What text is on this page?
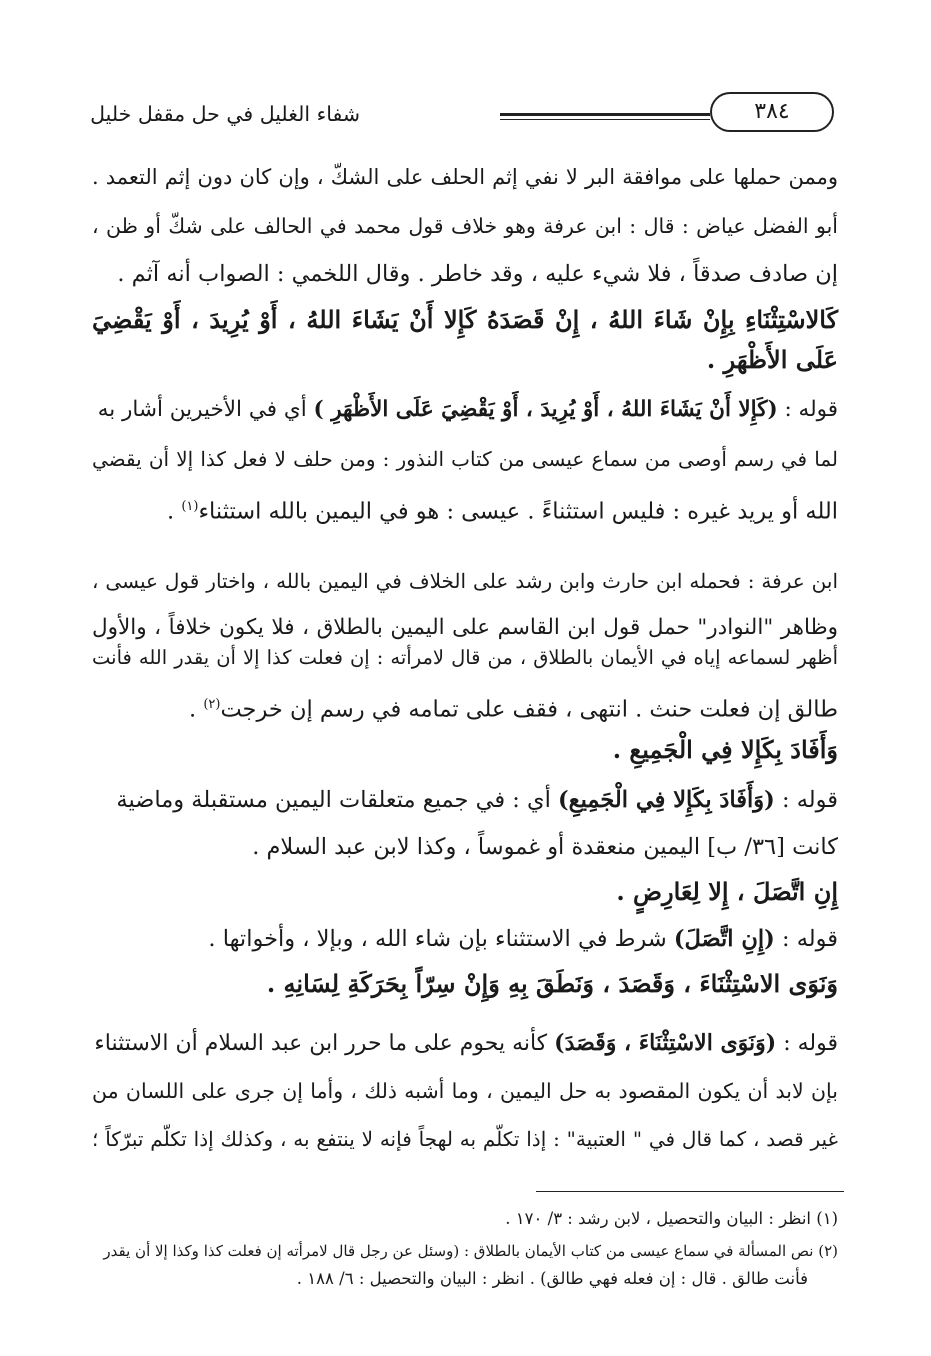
٣٨٤
شفاء الغليل في حل مقفل خليل
وممن حملها على موافقة البر لا نفي إثم الحلف على الشكّ ، وإن كان دون إثم التعمد .
أبو الفضل عياض : قال : ابن عرفة وهو خلاف قول محمد في الحالف على شكّ أو ظن ،
إن صادف صدقاً ، فلا شيء عليه ، وقد خاطر . وقال اللخمي : الصواب أنه آثم .
كَالاسْتِثْنَاءِ بِإِنْ شَاءَ اللهُ ، إِنْ قَصَدَهُ كَإِلا أَنْ يَشَاءَ اللهُ ، أَوْ يُرِيدَ ، أَوْ يَقْضِيَ
عَلَى الأَظْهَرِ .
قوله : (كَإِلا أَنْ يَشَاءَ اللهُ ، أَوْ يُرِيدَ ، أَوْ يَقْضِيَ عَلَى الأَظْهَرِ ) أي في الأخيرين أشار به
لما في رسم أوصى من سماع عيسى من كتاب النذور : ومن حلف لا فعل كذا إلا أن يقضي
الله أو يريد غيره : فليس استثناءً . عيسى : هو في اليمين بالله استثناء$^{(١)}$ .
ابن عرفة : فحمله ابن حارث وابن رشد على الخلاف في اليمين بالله ، واختار قول عيسى ،
وظاهر "النوادر" حمل قول ابن القاسم على اليمين بالطلاق ، فلا يكون خلافاً ، والأول
أظهر لسماعه إياه في الأيمان بالطلاق ، من قال لامرأته : إن فعلت كذا إلا أن يقدر الله فأنت
طالق إن فعلت حنث . انتهى ، فقف على تمامه في رسم إن خرجت$^{(٢)}$ .
وَأَفَادَ بِكَإِلا فِي الْجَمِيعِ .
قوله : (وَأَفَادَ بِكَإِلا فِي الْجَمِيعِ) أي : في جميع متعلقات اليمين مستقبلة وماضية
كانت [٣٦/ ب] اليمين منعقدة أو غموساً ، وكذا لابن عبد السلام .
إِنِ اتَّصَلَ ، إِلا لِعَارِضٍ .
قوله : (إِنِ اتَّصَلَ) شرط في الاستثناء بإن شاء الله ، وبإلا ، وأخواتها .
وَنَوَى الاسْتِثْنَاءَ ، وَقَصَدَ ، وَنَطَقَ بِهِ وَإِنْ سِرّاً بِحَرَكَةِ لِسَانِهِ .
قوله : (وَنَوَى الاسْتِثْنَاءَ ، وَقَصَدَ) كأنه يحوم على ما حرر ابن عبد السلام أن الاستثناء
بإن لابد أن يكون المقصود به حل اليمين ، وما أشبه ذلك ، وأما إن جرى على اللسان من
غير قصد ، كما قال في " العتبية" : إذا تكلّم به لهجاً فإنه لا ينتفع به ، وكذلك إذا تكلّم تبرّكاً ؛
(١) انظر : البيان والتحصيل ، لابن رشد : ٣/ ١٧٠ .
(٢) نص المسألة في سماع عيسى من كتاب الأيمان بالطلاق : (وسئل عن رجل قال لامرأته إن فعلت كذا وكذا إلا أن يقدر
فأنت طالق . قال : إن فعله فهي طالق) . انظر : البيان والتحصيل : ٦/ ١٨٨ .
